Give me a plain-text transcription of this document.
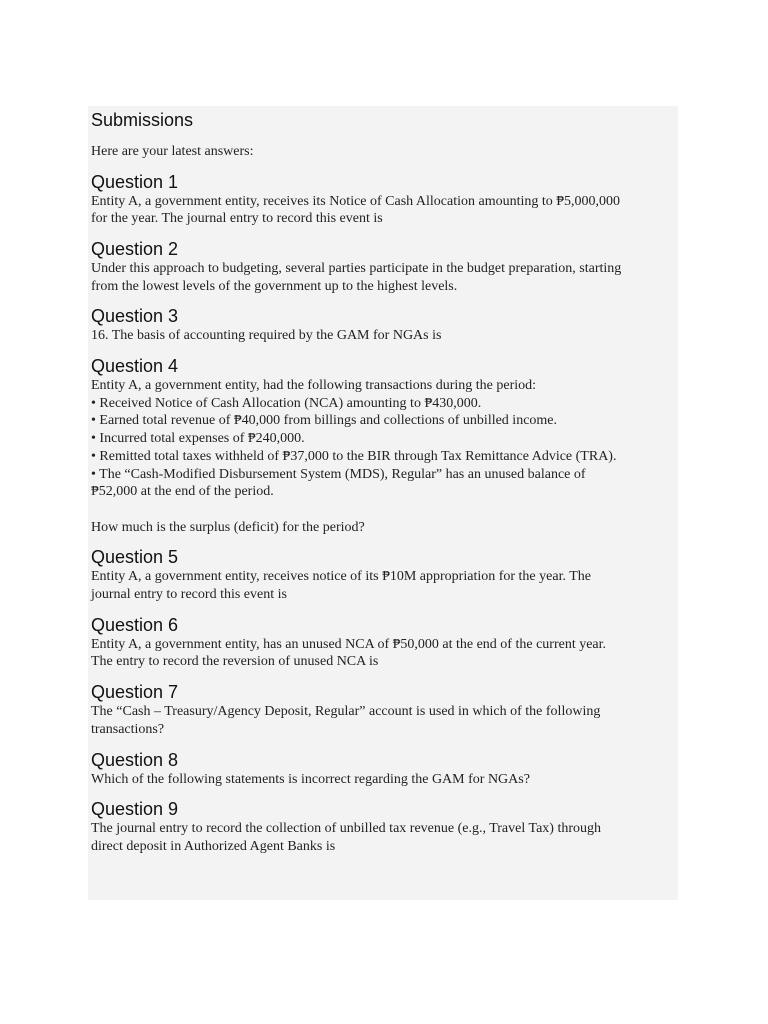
Submissions

Here are your latest answers:

Question 1
Entity A, a government entity, receives its Notice of Cash Allocation amounting to ₱5,000,000
for the year. The journal entry to record this event is
Question 2
Under this approach to budgeting, several parties participate in the budget preparation, starting
from the lowest levels of the government up to the highest levels.
Question 3
16. The basis of accounting required by the GAM for NGAs is
Question 4
Entity A, a government entity, had the following transactions during the period:
• Received Notice of Cash Allocation (NCA) amounting to ₱430,000.
• Earned total revenue of ₱40,000 from billings and collections of unbilled income.
• Incurred total expenses of ₱240,000.
• Remitted total taxes withheld of ₱37,000 to the BIR through Tax Remittance Advice (TRA).
• The “Cash-Modified Disbursement System (MDS), Regular” has an unused balance of
₱52,000 at the end of the period.
How much is the surplus (deficit) for the period?
Question 5
Entity A, a government entity, receives notice of its ₱10M appropriation for the year. The
journal entry to record this event is
Question 6
Entity A, a government entity, has an unused NCA of ₱50,000 at the end of the current year.
The entry to record the reversion of unused NCA is
Question 7
The “Cash – Treasury/Agency Deposit, Regular” account is used in which of the following
transactions?
Question 8
Which of the following statements is incorrect regarding the GAM for NGAs?
Question 9
The journal entry to record the collection of unbilled tax revenue (e.g., Travel Tax) through
direct deposit in Authorized Agent Banks is
